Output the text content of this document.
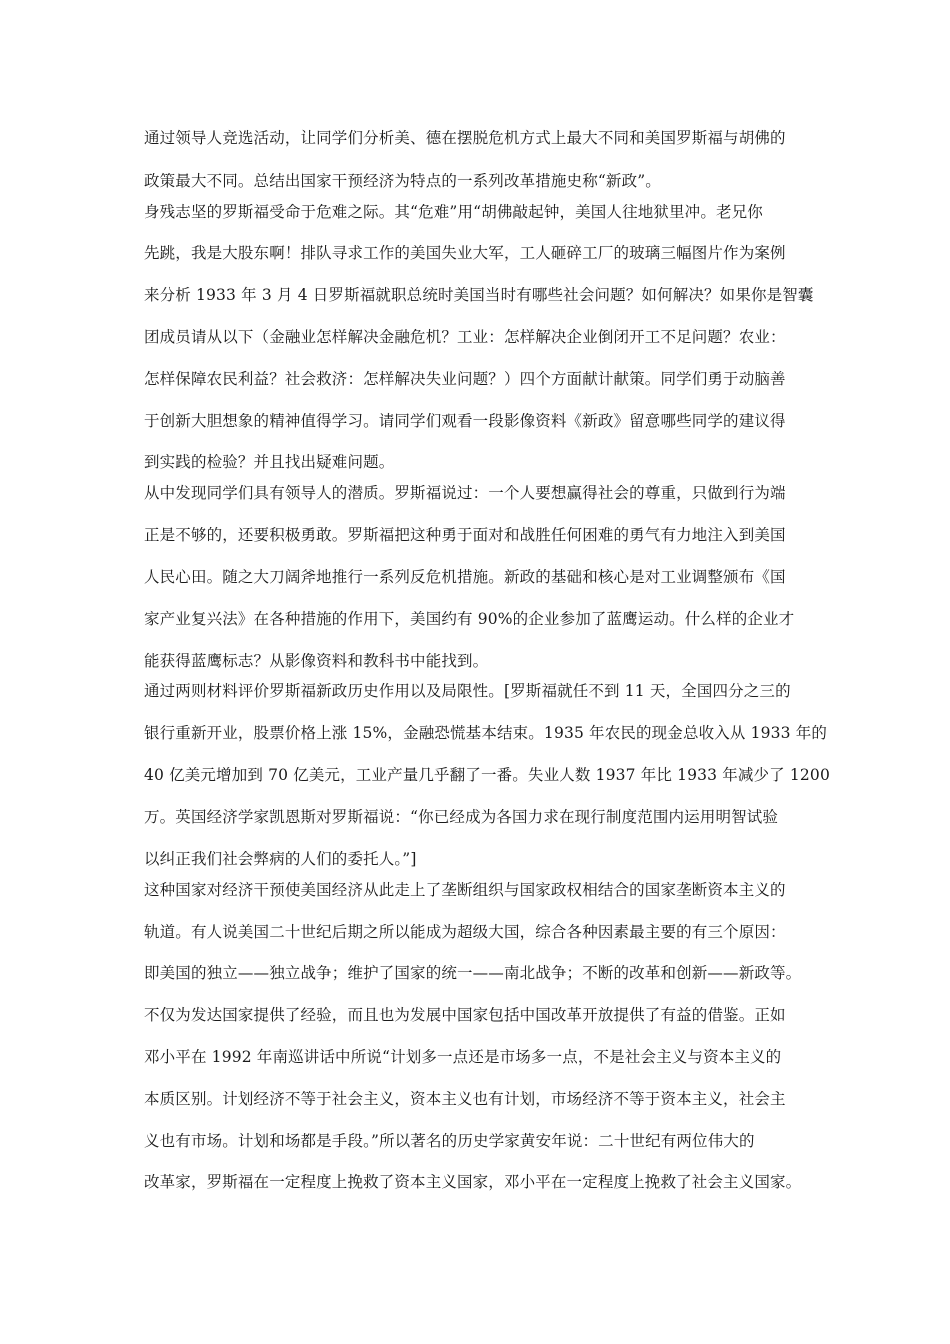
通过领导人竞选活动，让同学们分析美、德在摆脱危机方式上最大不同和美国罗斯福与胡佛的
政策最大不同。总结出国家干预经济为特点的一系列改革措施史称“新政”。
身残志坚的罗斯福受命于危难之际。其“危难”用“胡佛敲起钟，美国人往地狱里冲。老兄你
先跳，我是大股东啊！排队寻求工作的美国失业大军，工人砸碎工厂的玻璃三幅图片作为案例
来分析 1933 年 3 月 4 日罗斯福就职总统时美国当时有哪些社会问题？如何解决？如果你是智囊
团成员请从以下（金融业怎样解决金融危机？工业：怎样解决企业倒闭开工不足问题？农业：
怎样保障农民利益？社会救济：怎样解决失业问题？）四个方面献计献策。同学们勇于动脑善
于创新大胆想象的精神值得学习。请同学们观看一段影像资料《新政》留意哪些同学的建议得
到实践的检验？并且找出疑难问题。
从中发现同学们具有领导人的潜质。罗斯福说过：一个人要想赢得社会的尊重，只做到行为端
正是不够的，还要积极勇敢。罗斯福把这种勇于面对和战胜任何困难的勇气有力地注入到美国
人民心田。随之大刀阔斧地推行一系列反危机措施。新政的基础和核心是对工业调整颁布《国
家产业复兴法》在各种措施的作用下，美国约有 90%的企业参加了蓝鹰运动。什么样的企业才
能获得蓝鹰标志？从影像资料和教科书中能找到。
通过两则材料评价罗斯福新政历史作用以及局限性。[罗斯福就任不到 11 天，全国四分之三的
银行重新开业，股票价格上涨 15%，金融恐慌基本结束。1935 年农民的现金总收入从 1933 年的
40 亿美元增加到 70 亿美元，工业产量几乎翻了一番。失业人数 1937 年比 1933 年减少了 1200
万。英国经济学家凯恩斯对罗斯福说：“你已经成为各国力求在现行制度范围内运用明智试验
以纠正我们社会弊病的人们的委托人。”]
这种国家对经济干预使美国经济从此走上了垄断组织与国家政权相结合的国家垄断资本主义的
轨道。有人说美国二十世纪后期之所以能成为超级大国，综合各种因素最主要的有三个原因：
即美国的独立——独立战争；维护了国家的统一——南北战争；不断的改革和创新——新政等。
不仅为发达国家提供了经验，而且也为发展中国家包括中国改革开放提供了有益的借鉴。正如
邓小平在 1992 年南巡讲话中所说“计划多一点还是市场多一点，不是社会主义与资本主义的
本质区别。计划经济不等于社会主义，资本主义也有计划，市场经济不等于资本主义，社会主
义也有市场。计划和场都是手段。”所以著名的历史学家黄安年说：二十世纪有两位伟大的
改革家，罗斯福在一定程度上挽救了资本主义国家，邓小平在一定程度上挽救了社会主义国家。
